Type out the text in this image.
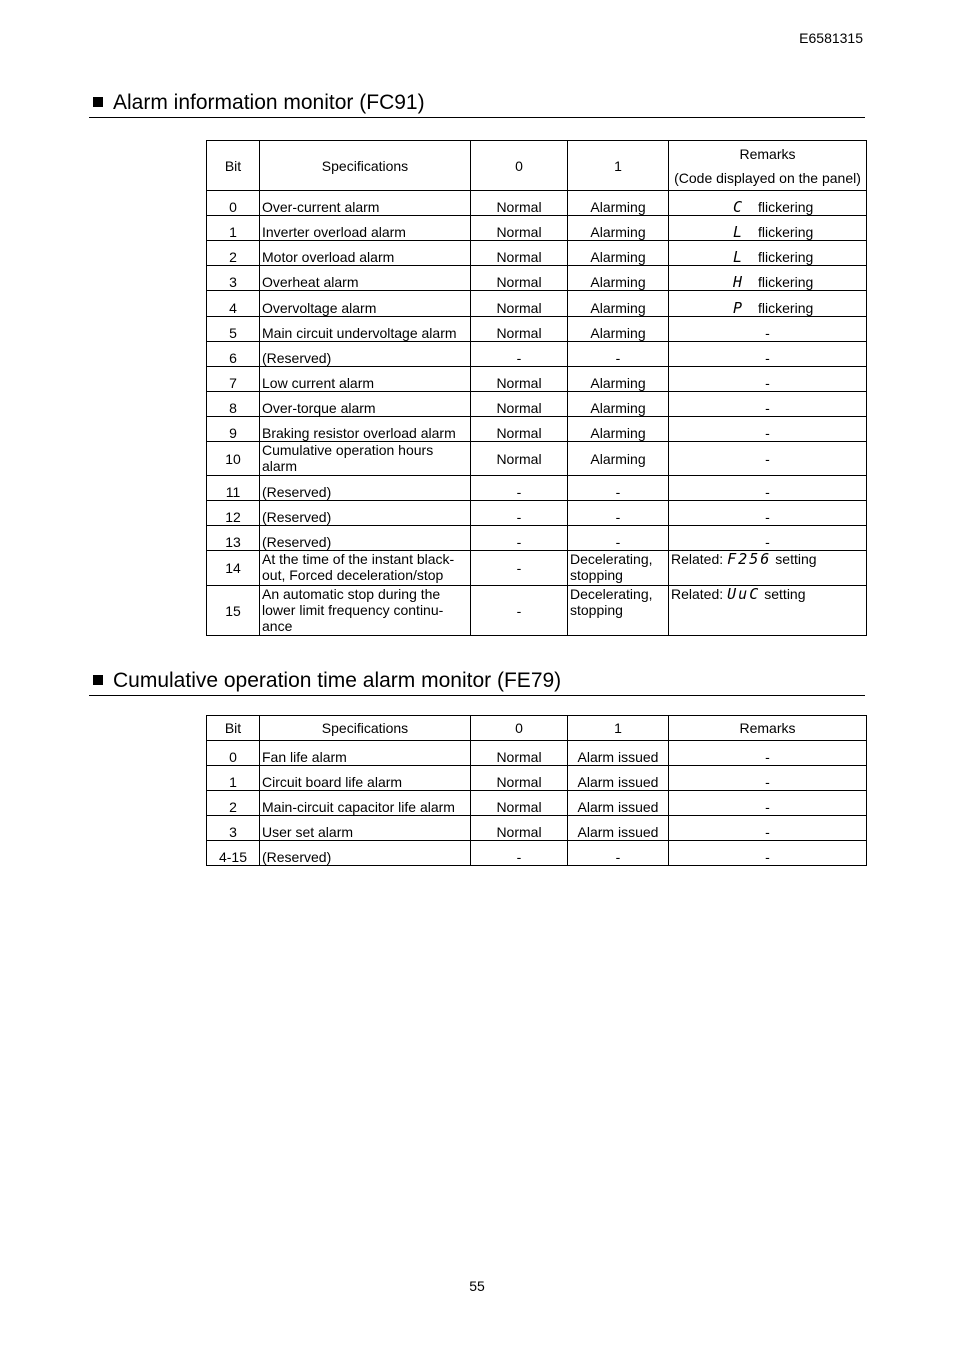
E6581315
Alarm information monitor (FC91)
Bit	Specifications	0	1	Remarks
(Code displayed on the panel)

0	Over-current alarm	Normal	Alarming	C flickering
1	Inverter overload alarm	Normal	Alarming	L flickering
2	Motor overload alarm	Normal	Alarming	L flickering
3	Overheat alarm	Normal	Alarming	H flickering
4	Overvoltage alarm	Normal	Alarming	P flickering
5	Main circuit undervoltage alarm	Normal	Alarming	-
6	(Reserved)	-	-	-
7	Low current alarm	Normal	Alarming	-
8	Over-torque alarm	Normal	Alarming	-
9	Braking resistor overload alarm	Normal	Alarming	-
10	Cumulative operation hours alarm	Normal	Alarming	-
11	(Reserved)	-	-	-
12	(Reserved)	-	-	-
13	(Reserved)	-	-	-
14	At the time of the instant black-out, Forced deceleration/stop	-	Decelerating, stopping	Related: F256 setting
15	An automatic stop during the lower limit frequency continu-ance	-	Decelerating, stopping	Related: UuC setting
Cumulative operation time alarm monitor (FE79)
Bit	Specifications	0	1	Remarks
0	Fan life alarm	Normal	Alarm issued	-
1	Circuit board life alarm	Normal	Alarm issued	-
2	Main-circuit capacitor life alarm	Normal	Alarm issued	-
3	User set alarm	Normal	Alarm issued	-
4-15	(Reserved)	-	-	-
55
